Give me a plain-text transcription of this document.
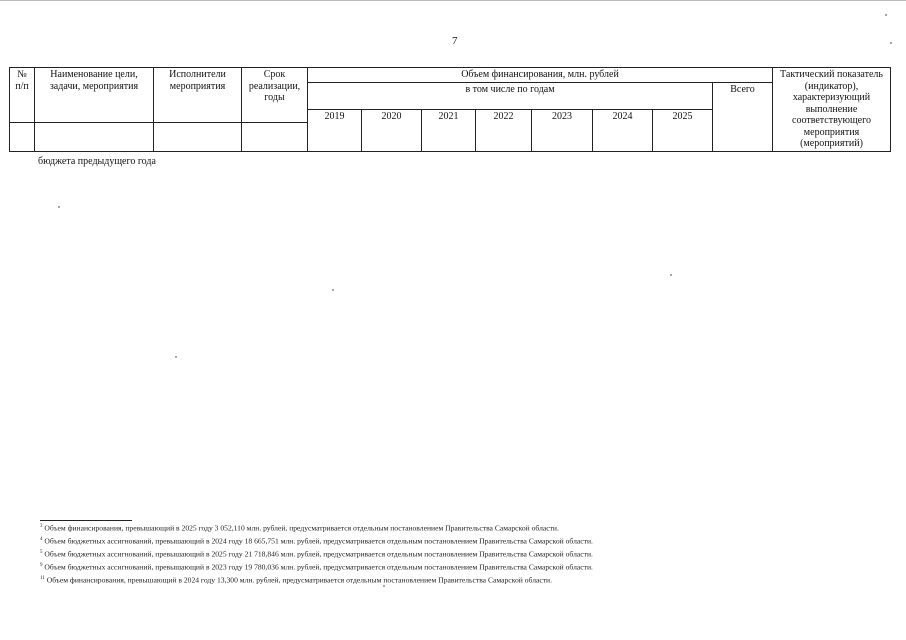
7
№ п/п	Наименование цели, задачи, мероприятия	Исполнители мероприятия	Срок реализации, годы	Объем финансирования, млн. рублей								Тактический показатель (индикатор), характеризующий выполнение соответствующего мероприятия (мероприятий)
				в том числе по годам							Всего	
				2019	2020	2021	2022	2023	2024	2025		

бюджета предыдущего года
$^3$ Объем финансирования, превышающий в 2025 году 3 052,110 млн. рублей, предусматривается отдельным постановлением Правительства Самарской области.
$^4$ Объем бюджетных ассигнований, превышающий в 2024 году 18 665,751 млн. рублей, предусматривается отдельным постановлением Правительства Самарской области.
$^5$ Объем бюджетных ассигнований, превышающий в 2025 году 21 718,846 млн. рублей, предусматривается отдельным постановлением Правительства Самарской области.
$^9$ Объем бюджетных ассигнований, превышающий в 2023 году 19 780,036 млн. рублей, предусматривается отдельным постановлением Правительства Самарской области.
$^{11}$ Объем финансирования, превышающий в 2024 году 13,300 млн. рублей, предусматривается отдельным постановлением Правительства Самарской области.
